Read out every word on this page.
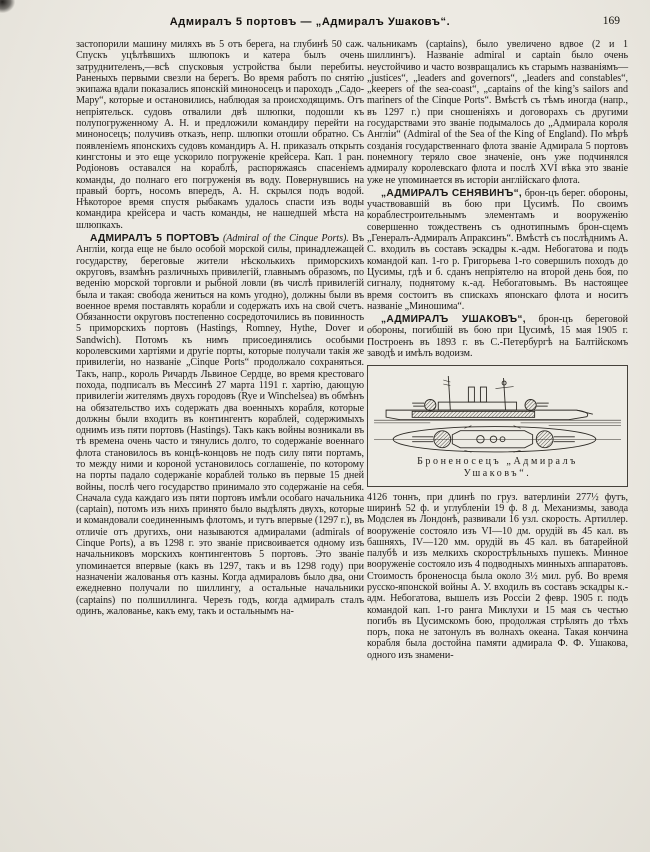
Адмиралъ 5 портовъ — „Адмиралъ Ушаковъ“.	169

застопорили машину миляхъ въ 5 отъ берега, на глубинѣ 50 саж. Спускъ уцѣлѣвшихъ шлюпокъ и катера былъ очень затруднителенъ,—всѣ спусковыя устройства были перебиты. Раненыхъ первыми свезли на берегъ. Во время работъ по снятію экипажа вдали показались японскій миноносецъ и пароходъ „Садо-Мару“, которые и остановились, наблюдая за происходящимъ. Отъ непріятельск. судовъ отвалили двѣ шлюпки, подошли къ полупогруженному А. Н. и предложили командиру перейти на миноносецъ; получивъ отказъ, непр. шлюпки отошли обратно. Съ появленіемъ японскихъ судовъ командиръ А. Н. приказалъ открыть кингстоны и это еще ускорило погруженіе крейсера. Кап. 1 ран. Родіоновъ оставался на кораблѣ, распоряжаясь спасеніемъ команды, до полнаго его погруженія въ воду. Повернувшись на правый бортъ, носомъ впередъ, А. Н. скрылся подъ водой. Нѣкоторое время спустя рыбакамъ удалось спасти изъ воды командира крейсера и часть команды, не нашедшей мѣста на шлюпкахъ.

АДМИРАЛЪ 5 ПОРТОВЪ (Admiral of the Cinque Ports). Въ Англіи, когда еще не было особой морской силы, принадлежащей государству, береговые жители нѣсколькихъ приморскихъ округовъ, взамѣнъ различныхъ привилегій, главнымъ образомъ, по веденію морской торговли и рыбной ловли (въ числѣ привилегій была и такая: свобода жениться на комъ угодно), должны были въ военное время поставлять корабли и содержать ихъ на свой счетъ. Обязанности округовъ постепенно сосредоточились въ повинность 5 приморскихъ портовъ (Hastings, Romney, Hythe, Dover и Sandwich). Потомъ къ нимъ присоединялись особыми королевскими хартіями и другіе порты, которые получали такія же привилегіи, но названіе „Cinque Ports“ продолжало сохраняться. Такъ, напр., король Ричардъ Львиное Сердце, во время крестоваго похода, подписалъ въ Мессинѣ 27 марта 1191 г. хартію, дающую привилегіи жителямъ двухъ городовъ (Rye и Winchelsea) въ обмѣнъ на обязательство ихъ содержать два военныхъ корабля, которые должны были входить въ контингентъ кораблей, содержимыхъ однимъ изъ пяти портовъ (Hastings). Такъ какъ войны возникали въ тѣ времена очень часто и тянулись долго, то содержаніе военнаго флота становилось въ концѣ-концовъ не подъ силу пяти портамъ, то между ними и короной установилось соглашеніе, по которому на порты падало содержаніе кораблей только въ первые 15 дней войны, послѣ чего государство принимало это содержаніе на себя. Сначала суда каждаго изъ пяти портовъ имѣли особаго начальника (captain), потомъ изъ нихъ принято было выдѣлять двухъ, которые и командовали соединеннымъ флотомъ, и тутъ впервые (1297 г.), въ отличіе отъ другихъ, они называются адмиралами (admirals of Cinque Ports), а въ 1298 г. это званіе присвоивается одному изъ начальниковъ морскихъ контингентовъ 5 портовъ. Это званіе упоминается впервые (какъ въ 1297, такъ и въ 1298 году) при назначеніи жалованья отъ казны. Когда адмираловъ было два, они ежедневно получали по шиллингу, а остальные начальники (captains) по полшиллинга. Черезъ годъ, когда адмиралъ сталъ одинъ, жалованье, какъ ему, такъ и остальнымъ на-

чальникамъ (captains), было увеличено вдвое (2 и 1 шиллингъ). Названіе admiral и captain было очень неустойчиво и часто возвращались къ старымъ названіямъ—„justices“, „leaders and governors“, „leaders and constables“, „keepers of the sea-coast“, „captains of the king’s sailors and mariners of the Cinque Ports“. Вмѣстѣ съ тѣмъ иногда (напр., въ 1297 г.) при сношеніяхъ и договорахъ съ другими государствами это званіе подымалось до „Адмирала короля Англіи“ (Admiral of the Sea of the King of England). По мѣрѣ созданія государственнаго флота званіе Адмирала 5 портовъ понемногу теряло свое значеніе, онъ уже подчинялся адмиралу королевскаго флота и послѣ XVI вѣка это званіе уже не упоминается въ исторіи англійскаго флота.

„АДМИРАЛЪ СЕНЯВИНЪ“, брон-цъ берег. обороны, участвовавшій въ бою при Цусимѣ. По своимъ кораблестроительнымъ элементамъ и вооруженію совершенно тождественъ съ однотипнымъ брон-сцемъ „Генералъ-Адмиралъ Апраксинъ“. Вмѣстѣ съ послѣднимъ А. С. входилъ въ составъ эскадры к.-адм. Небогатова и подъ командой кап. 1-го р. Григорьева 1-го совершилъ походъ до Цусимы, гдѣ и б. сданъ непріятелю на второй день боя, по сигналу, поднятому к.-ад. Небогатовымъ. Въ настоящее время состоитъ въ спискахъ японскаго флота и носитъ названіе „Миношима“.

„АДМИРАЛЪ УШАКОВЪ“, брон-цъ береговой обороны, погибшій въ бою при Цусимѣ, 15 мая 1905 г. Построенъ въ 1893 г. въ С.-Петербургѣ на Балтійскомъ заводѣ и имѣлъ водоизм.

Броненосецъ „Адмиралъ
Ушаковъ“.

4126 тоннъ, при длинѣ по груз. ватерлиніи 277½ футъ, ширинѣ 52 ф. и углубленіи 19 ф. 8 д. Механизмы, завода Модслея въ Лондонѣ, развивали 16 узл. скорость. Артиллер. вооруженіе состояло изъ VI—10 дм. орудій въ 45 кал. въ башняхъ, IV—120 мм. орудій въ 45 кал. въ батарейной палубѣ и изъ мелкихъ скорострѣльныхъ пушекъ. Минное вооруженіе состояло изъ 4 подводныхъ минныхъ аппаратовъ. Стоимость броненосца была около 3½ мил. руб. Во время русско-японской войны А. У. входилъ въ составъ эскадры к.-адм. Небогатова, вышелъ изъ Россіи 2 февр. 1905 г. подъ командой кап. 1-го ранга Миклухи и 15 мая съ честью погибъ въ Цусимскомъ бою, продолжая стрѣлять до тѣхъ поръ, пока не затонулъ въ волнахъ океана. Такая кончина корабля была достойна памяти адмирала Ф. Ф. Ушакова, одного изъ знамени-
